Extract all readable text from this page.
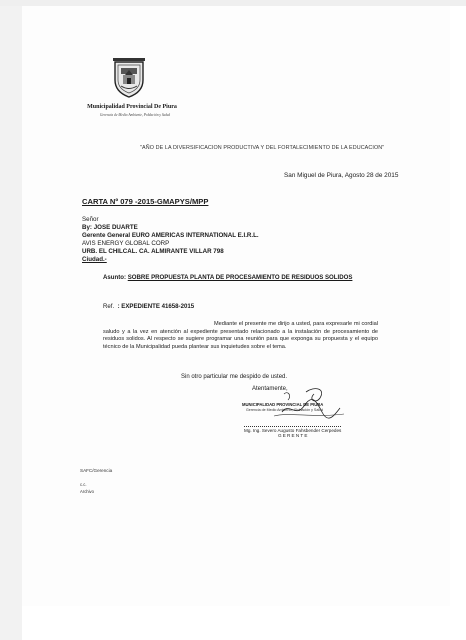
Municipalidad Provincial De Piura
Gerencia de Medio Ambiente, Población y Salud
"AÑO DE LA DIVERSIFICACION PRODUCTIVA Y DEL FORTALECIMIENTO DE LA EDUCACION"
San Miguel de Piura, Agosto 28 de 2015
CARTA Nº 079 -2015-GMAPYS/MPP
Señor
By: JOSE DUARTE
Gerente General EURO AMERICAS INTERNATIONAL E.I.R.L.
AVIS ENERGY GLOBAL CORP
URB. EL CHILCAL. CA. ALMIRANTE VILLAR 798
Ciudad.-
Asunto: SOBRE PROPUESTA PLANTA DE PROCESAMIENTO DE RESIDUOS SOLIDOS
Ref. : EXPEDIENTE 41658-2015
Mediante el presente me dirijo a usted, para expresarle mi cordial saludo y a la vez en atención al expediente presentado relacionado a la instalación de procesamiento de residuos solidos. Al respecto se sugiere programar una reunión para que exponga su propuesta y el equipo técnico de la Municipalidad pueda plantear sus inquietudes sobre el tema.
Sin otro particular me despido de usted.
Atentamente,
MUNICIPALIDAD PROVINCIAL DE PIURA
Gerencia de Medio Ambiente, Población y Salud
Mg. Ing. Severo Augusto Fahsbender Cerpedes
GERENTE
SAFC/Gerencia
c.c.
Archivo
